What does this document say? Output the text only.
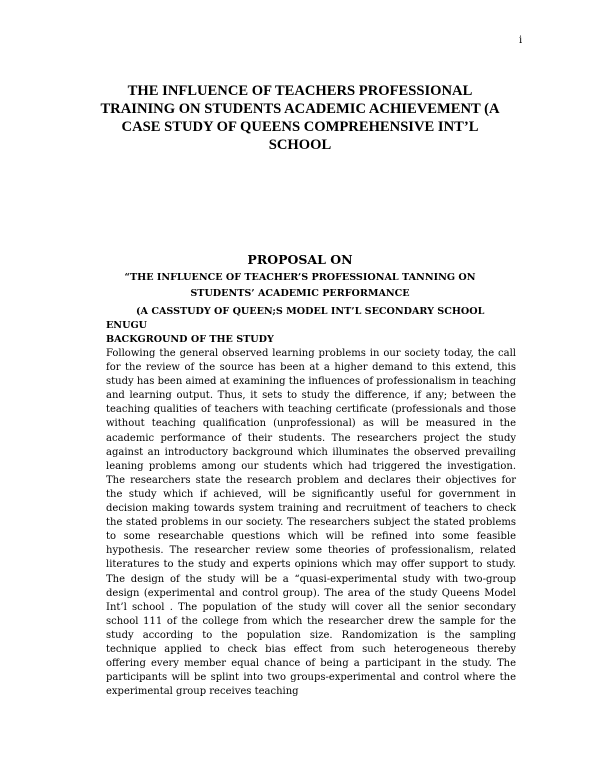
i
THE INFLUENCE OF TEACHERS PROFESSIONAL TRAINING ON STUDENTS ACADEMIC ACHIEVEMENT (A CASE STUDY OF QUEENS COMPREHENSIVE INT’L SCHOOL
PROPOSAL ON

“THE INFLUENCE OF TEACHER’S PROFESSIONAL TANNING ON STUDENTS’ ACADEMIC PERFORMANCE

(A CASSTUDY OF QUEEN;S MODEL INT’L SECONDARY SCHOOL

ENUGU

BACKGROUND OF THE STUDY

Following the general observed learning problems in our society today, the call for the review of the source has been at a higher demand to this extend, this study has been aimed at examining the influences of professionalism in teaching and learning output. Thus, it sets to study the difference, if any; between the teaching qualities of teachers with teaching certificate (professionals and those without teaching qualification (unprofessional) as will be measured in the academic performance of their students. The researchers project the study against an introductory background which illuminates the observed prevailing leaning problems among our students which had triggered the investigation. The researchers state the research problem and declares their objectives for the study which if achieved, will be significantly useful for government in decision making towards system training and recruitment of teachers to check the stated problems in our society. The researchers subject the stated problems to some researchable questions which will be refined into some feasible hypothesis. The researcher review some theories of professionalism, related literatures to the study and experts opinions which may offer support to study. The design of the study will be a “quasi-experimental study with two-group design (experimental and control group). The area of the study Queens Model Int’l school . The population of the study will cover all the senior secondary school 111 of the college from which the researcher drew the sample for the study according to the population size. Randomization is the sampling technique applied to check bias effect from such heterogeneous thereby offering every member equal chance of being a participant in the study. The participants will be splint into two groups-experimental and control where the experimental group receives teaching
